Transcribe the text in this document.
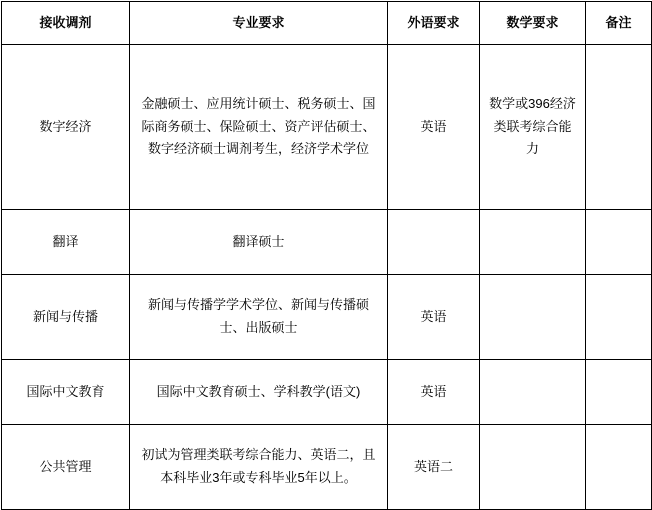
接收调剂	专业要求	外语要求	数学要求	备注
数字经济	金融硕士、应用统计硕士、税务硕士、国际商务硕士、保险硕士、资产评估硕士、数字经济硕士调剂考生，经济学术学位	英语	数学或396经济类联考综合能力	
翻译	翻译硕士			
新闻与传播	新闻与传播学学术学位、新闻与传播硕士、出版硕士	英语		
国际中文教育	国际中文教育硕士、学科教学(语文)	英语		
公共管理	初试为管理类联考综合能力、英语二，且本科毕业3年或专科毕业5年以上。	英语二		
